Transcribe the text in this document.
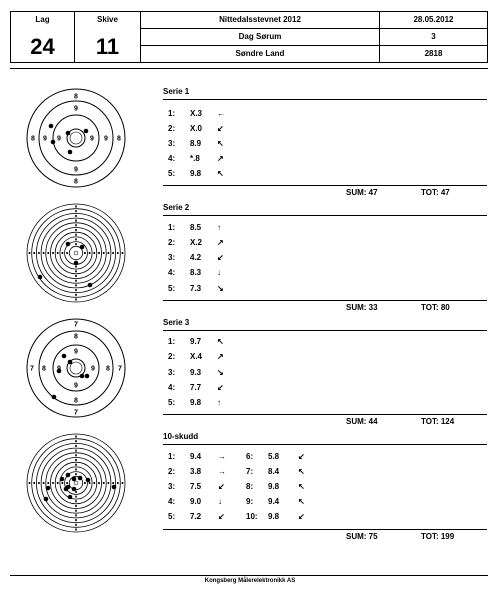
Lag
24
Skive
11
Nittedalsstevnet 2012	28.05.2012
Dag Sørum	3
Søndre Land	2818
8
9
8 9 9	9 9 8
9
8
7
8
9
7 8	9 8 7
9
8
7
Serie 1
1: X.3 ←
2: X.0 ↙
3: 8.9 ↖
4: *.8 ↗
5: 9.8 ↖
SUM: 47	TOT: 47
Serie 2
1: 8.5 ↑
2: X.2 ↗
3: 4.2 ↙
4: 8.3 ↓
5: 7.3 ↘
SUM: 33	TOT: 80
Serie 3
1: 9.7 ↖
2: X.4 ↗
3: 9.3 ↘
4: 7.7 ↙
5: 9.8 ↑
SUM: 44	TOT: 124
10-skudd
1: 9.4 →
2: 3.8 →
3: 7.5 ↙
4: 9.0 ↓
5: 7.2 ↙
6: 5.8 ↙
7: 8.4 ↖
8: 9.8 ↖
9: 9.4 ↖
10: 9.8 ↙
SUM: 75	TOT: 199
Kongsberg Målerelektronikk AS
